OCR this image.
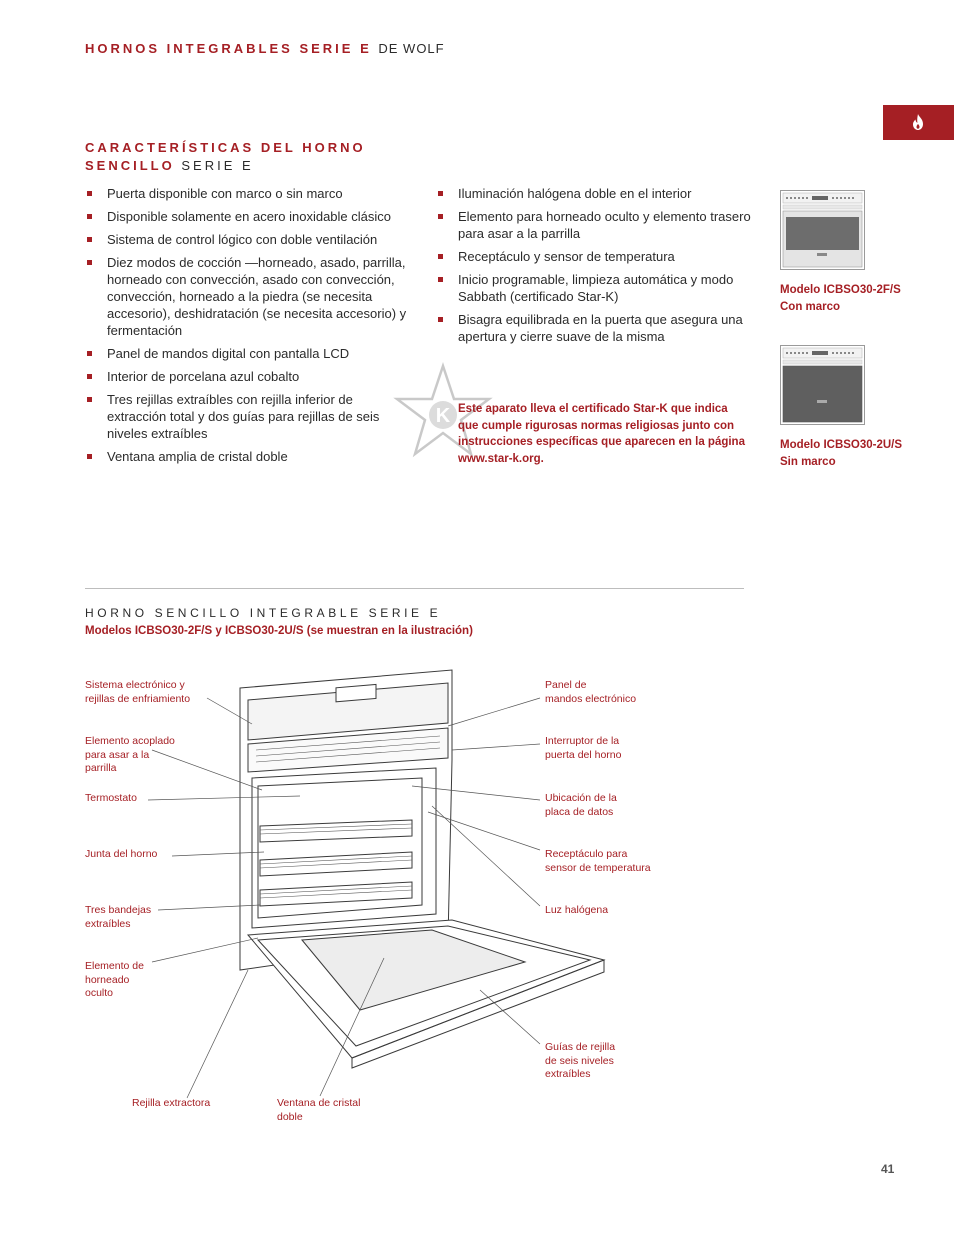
HORNOS INTEGRABLES SERIE E DE WOLF
CARACTERÍSTICAS DEL HORNO
SENCILLO SERIE E
Puerta disponible con marco o sin marco
Disponible solamente en acero inoxidable clásico
Sistema de control lógico con doble ventilación
Diez modos de cocción —horneado, asado, parrilla, horneado con convección, asado con convección, convección, horneado a la piedra (se necesita accesorio), deshidratación (se necesita accesorio) y fermentación
Panel de mandos digital con pantalla LCD
Interior de porcelana azul cobalto
Tres rejillas extraíbles con rejilla inferior de extracción total y dos guías para rejillas de seis niveles extraíbles
Ventana amplia de cristal doble
Iluminación halógena doble en el interior
Elemento para horneado oculto y elemento trasero para asar a la parrilla
Receptáculo y sensor de temperatura
Inicio programable, limpieza automática y modo Sabbath (certificado Star-K)
Bisagra equilibrada en la puerta que asegura una apertura y cierre suave de la misma
K Este aparato lleva el certificado Star-K que indica que cumple rigurosas normas religiosas junto con instrucciones específicas que aparecen en la página www.star-k.org.
Modelo ICBSO30-2F/S
Con marco
Modelo ICBSO30-2U/S
Sin marco
HORNO SENCILLO INTEGRABLE SERIE E
Modelos ICBSO30-2F/S y ICBSO30-2U/S (se muestran en la ilustración)
Sistema electrónico y
rejillas de enfriamiento
Elemento acoplado
para asar a la
parrilla
Termostato
Junta del horno
Tres bandejas
extraíbles
Elemento de
horneado
oculto
Panel de
mandos electrónico
Interruptor de la
puerta del horno
Ubicación de la
placa de datos
Receptáculo para
sensor de temperatura
Luz halógena
Guías de rejilla
de seis niveles
extraíbles
Rejilla extractora	Ventana de cristal
doble
41
